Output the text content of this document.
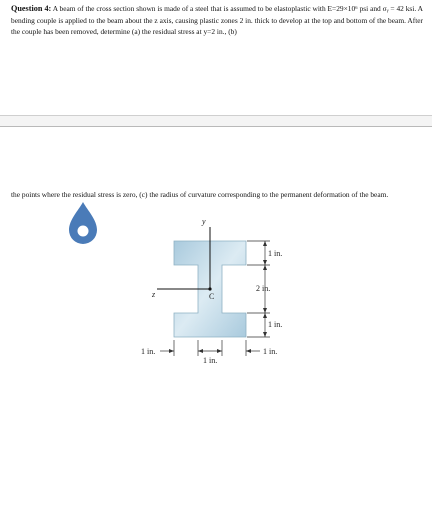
Question 4: A beam of the cross section shown is made of a steel that is assumed to be elastoplastic with E=29×10⁶ psi and σᵧ = 42 ksi. A bending couple is applied to the beam about the z axis, causing plastic zones 2 in. thick to develop at the top and bottom of the beam. After the couple has been removed, determine (a) the residual stress at y=2 in., (b)

the points where the residual stress is zero, (c) the radius of curvature corresponding to the permanent deformation of the beam.

y
z	C
1 in.
2 in.
1 in.
1 in.
1 in.
1 in.
